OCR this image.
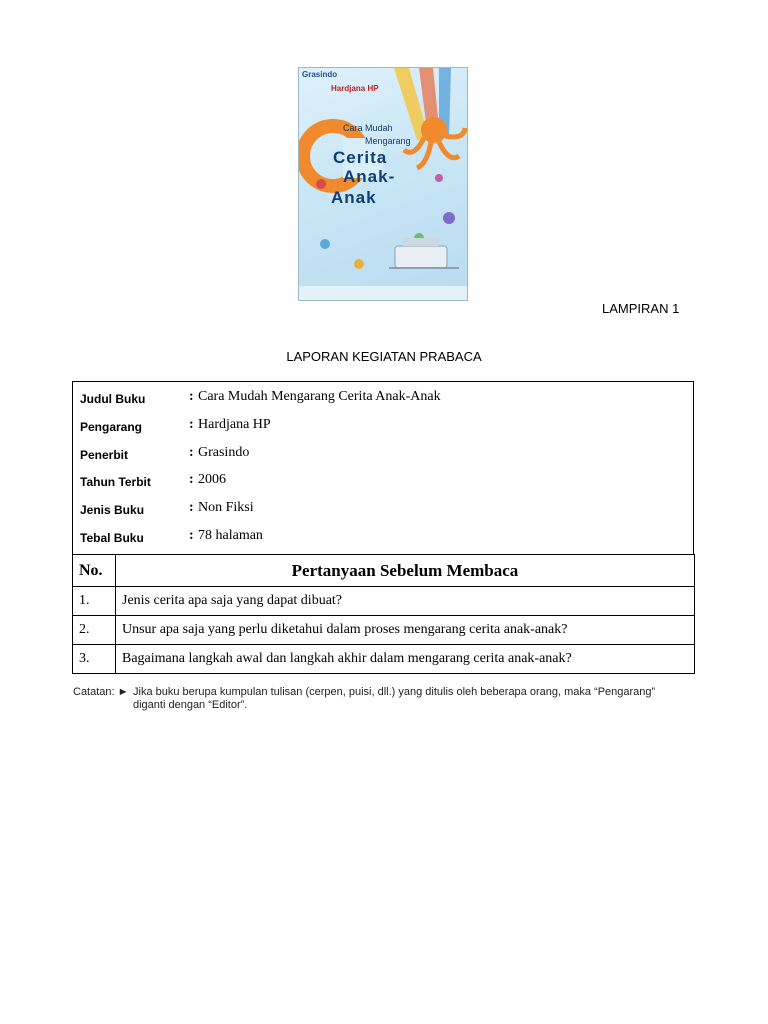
Grasindo
Hardjana HP
Cara Mudah
Mengarang
Cerita
Anak-
Anak
LAMPIRAN 1
LAPORAN KEGIATAN PRABACA
Judul Buku	: Cara Mudah Mengarang Cerita Anak-Anak
Pengarang	: Hardjana HP
Penerbit	: Grasindo
Tahun Terbit	: 2006
Jenis Buku	: Non Fiksi
Tebal Buku	: 78 halaman
No.	Pertanyaan Sebelum Membaca
1.	Jenis cerita apa saja yang dapat dibuat?
2.	Unsur apa saja yang perlu diketahui dalam proses mengarang cerita anak-anak?
3.	Bagaimana langkah awal dan langkah akhir dalam mengarang cerita anak-anak?
Catatan: ► Jika buku berupa kumpulan tulisan (cerpen, puisi, dll.) yang ditulis oleh beberapa orang, maka “Pengarang”
diganti dengan “Editor”.
